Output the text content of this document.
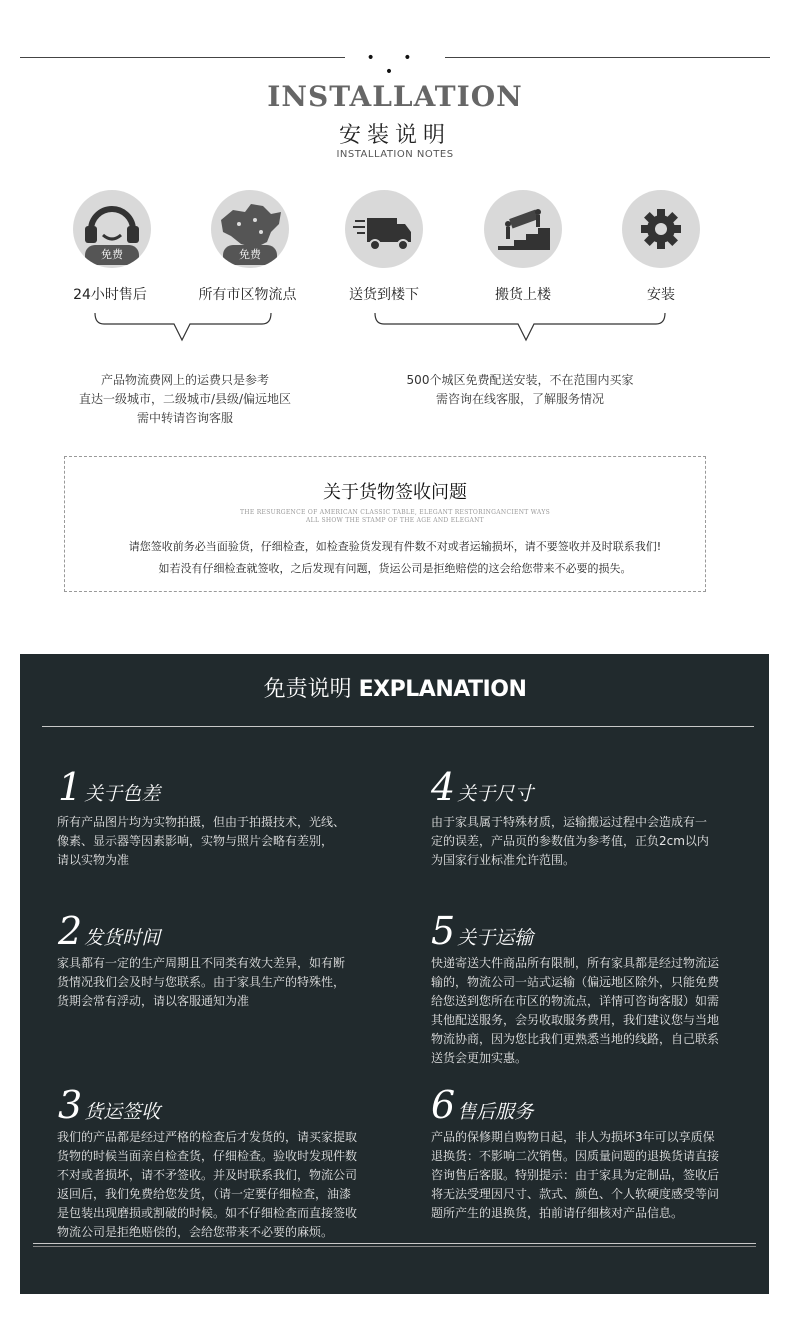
• • •
INSTALLATION
安装说明
INSTALLATION NOTES
免费	免费
24小时售后	所有市区物流点	送货到楼下	搬货上楼	安装
产品物流费网上的运费只是参考
直达一级城市，二级城市/县级/偏远地区
需中转请咨询客服
500个城区免费配送安装，不在范围内买家
需咨询在线客服，了解服务情况
关于货物签收问题
THE RESURGENCE OF AMERICAN CLASSIC TABLE, ELEGANT RESTORINGANCIENT WAYS
ALL SHOW THE STAMP OF THE AGE AND ELEGANT
请您签收前务必当面验货，仔细检查，如检查验货发现有件数不对或者运输损坏，请不要签收并及时联系我们!
如若没有仔细检查就签收，之后发现有问题，货运公司是拒绝赔偿的这会给您带来不必要的损失。
免责说明 EXPLANATION
1 关于色差
所有产品图片均为实物拍摄，但由于拍摄技术，光线、
像素、显示器等因素影响，实物与照片会略有差别，
请以实物为准
4 关于尺寸
由于家具属于特殊材质，运输搬运过程中会造成有一
定的误差，产品页的参数值为参考值，正负2cm以内
为国家行业标准允许范围。
2 发货时间
家具都有一定的生产周期且不同类有效大差异，如有断
货情况我们会及时与您联系。由于家具生产的特殊性，
货期会常有浮动，请以客服通知为准
5 关于运输
快递寄送大件商品所有限制，所有家具都是经过物流运
输的，物流公司一站式运输（偏远地区除外，只能免费
给您送到您所在市区的物流点，详情可咨询客服）如需
其他配送服务，会另收取服务费用，我们建议您与当地
物流协商，因为您比我们更熟悉当地的线路，自己联系
送货会更加实惠。
3 货运签收
我们的产品都是经过严格的检查后才发货的，请买家提取
货物的时候当面亲自检查货，仔细检查。验收时发现件数
不对或者损坏，请不矛签收。并及时联系我们，物流公司
返回后，我们免费给您发货，（请一定要仔细检查，油漆
是包装出现磨损或割破的时候。如不仔细检查而直接签收
物流公司是拒绝赔偿的，会给您带来不必要的麻烦。
6 售后服务
产品的保修期自购物日起，非人为损坏3年可以享质保
退换货：不影响二次销售。因质量问题的退换货请直接
咨询售后客服。特别提示：由于家具为定制品，签收后
将无法受理因尺寸、款式、颜色、个人软硬度感受等问
题所产生的退换货，拍前请仔细核对产品信息。
